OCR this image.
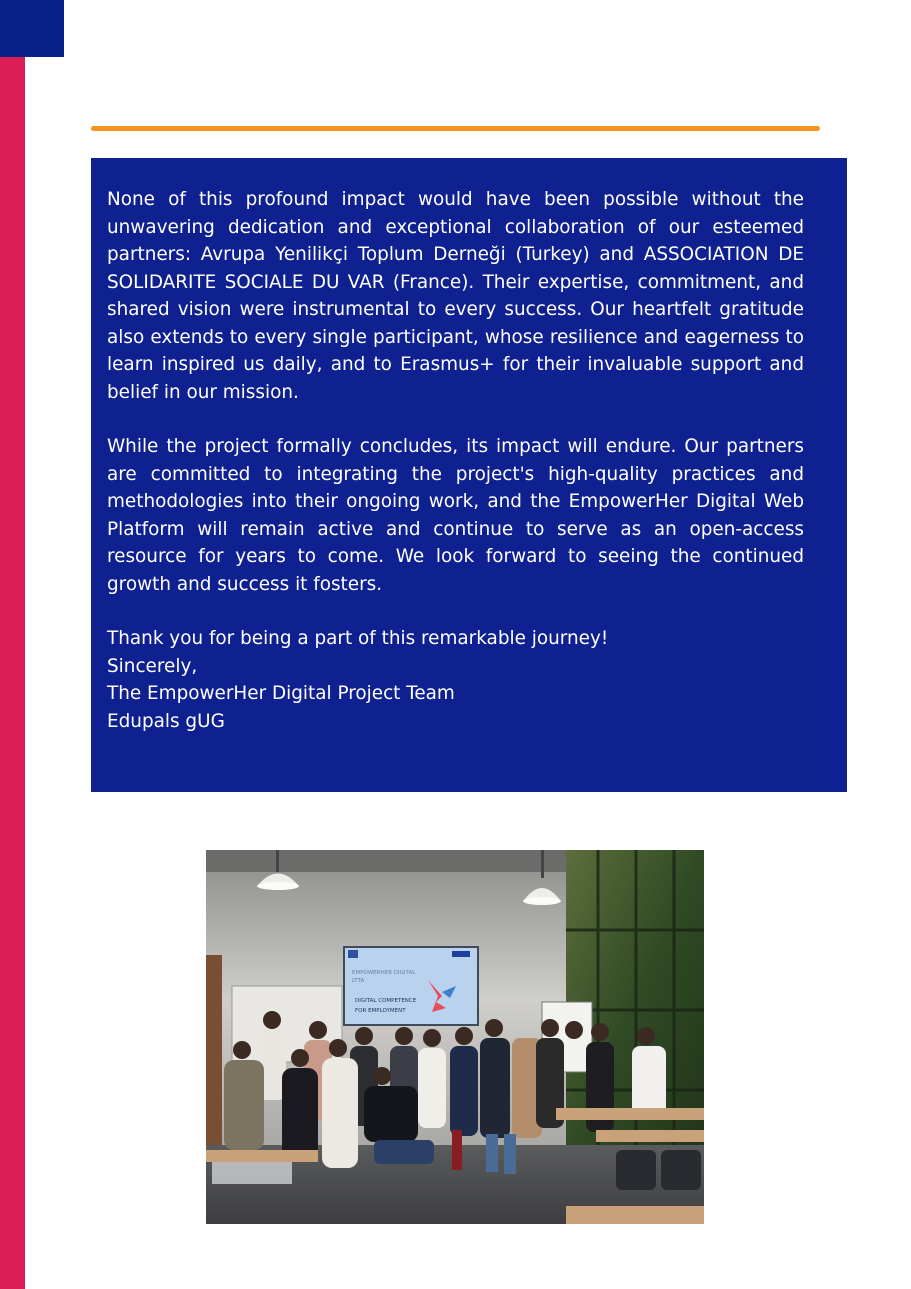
None of this profound impact would have been possible without the unwavering dedication and exceptional collaboration of our esteemed partners: Avrupa Yenilikçi Toplum Derneği (Turkey) and ASSOCIATION DE SOLIDARITE SOCIALE DU VAR (France). Their expertise, commitment, and shared vision were instrumental to every success. Our heartfelt gratitude also extends to every single participant, whose resilience and eagerness to learn inspired us daily, and to Erasmus+ for their invaluable support and belief in our mission.

While the project formally concludes, its impact will endure. Our partners are committed to integrating the project's high-quality practices and methodologies into their ongoing work, and the EmpowerHer Digital Web Platform will remain active and continue to serve as an open-access resource for years to come. We look forward to seeing the continued growth and success it fosters.

Thank you for being a part of this remarkable journey!

Sincerely,

The EmpowerHer Digital Project Team

Edupals gUG

EMPOWERHER DIGITAL
LTTA
DIGITAL COMPETENCE
FOR EMPLOYMENT
